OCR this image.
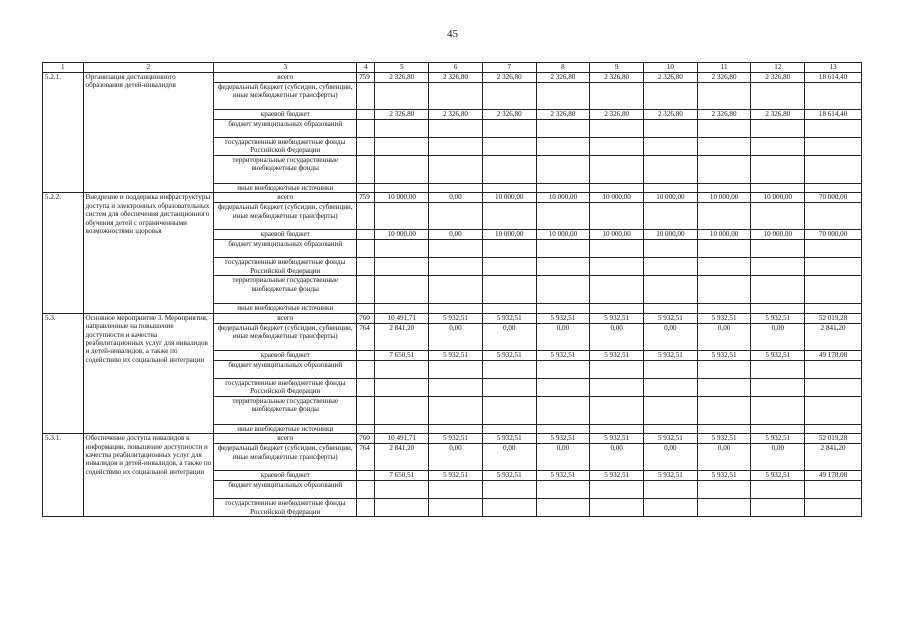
45
1	2	3	4	5	6	7	8	9	10	11	12	13
5.2.1.	Организация дистанционного образования детей-инвалидов	всего	759	2 326,80	2 326,80	2 326,80	2 326,80	2 326,80	2 326,80	2 326,80	2 326,80	18 614,40
		федеральный бюджет (субсидии, субвенции, иные межбюджетные трансферты)										
		краевой бюджет		2 326,80	2 326,80	2 326,80	2 326,80	2 326,80	2 326,80	2 326,80	2 326,80	18 614,40
		бюджет муниципальных образований										
		государственные внебюджетные фонды Российской Федерации										
		территориальные государственные внебюджетные фонды										
		иные внебюджетные источники										
5.2.2.	Внедрение и поддержка инфраструктуры доступа и электронных образовательных систем для обеспечения дистанционного обучения детей с ограниченными возможностями здоровья	всего	759	10 000,00	0,00	10 000,00	10 000,00	10 000,00	10 000,00	10 000,00	10 000,00	70 000,00
		федеральный бюджет (субсидии, субвенции, иные межбюджетные трансферты)										
		краевой бюджет		10 000,00	0,00	10 000,00	10 000,00	10 000,00	10 000,00	10 000,00	10 000,00	70 000,00
		бюджет муниципальных образований										
		государственные внебюджетные фонды Российской Федерации										
		территориальные государственные внебюджетные фонды										
		иные внебюджетные источники										
5.3.	Основное мероприятие 3. Мероприятия, направленные на повышение доступности и качества реабилитационных услуг для инвалидов и детей-инвалидов, а также по содействию их социальной интеграции	всего	760	10 491,71	5 932,51	5 932,51	5 932,51	5 932,51	5 932,51	5 932,51	5 932,51	52 019,28
		федеральный бюджет (субсидии, субвенции, иные межбюджетные трансферты)	764	2 841,20	0,00	0,00	0,00	0,00	0,00	0,00	0,00	2 841,20
		краевой бюджет		7 650,51	5 932,51	5 932,51	5 932,51	5 932,51	5 932,51	5 932,51	5 932,51	49 178,08
		бюджет муниципальных образований										
		государственные внебюджетные фонды Российской Федерации										
		территориальные государственные внебюджетные фонды										
		иные внебюджетные источники										
5.3.1.	Обеспечение доступа инвалидов к информации, повышение доступности и качества реабилитационных услуг для инвалидов и детей-инвалидов, а также по содействию их социальной интеграции	всего	760	10 491,71	5 932,51	5 932,51	5 932,51	5 932,51	5 932,51	5 932,51	5 932,51	52 019,28
		федеральный бюджет (субсидии, субвенции, иные межбюджетные трансферты)	764	2 841,20	0,00	0,00	0,00	0,00	0,00	0,00	0,00	2 841,20
		краевой бюджет		7 650,51	5 932,51	5 932,51	5 932,51	5 932,51	5 932,51	5 932,51	5 932,51	49 178,08
		бюджет муниципальных образований										
		государственные внебюджетные фонды Российской Федерации										
